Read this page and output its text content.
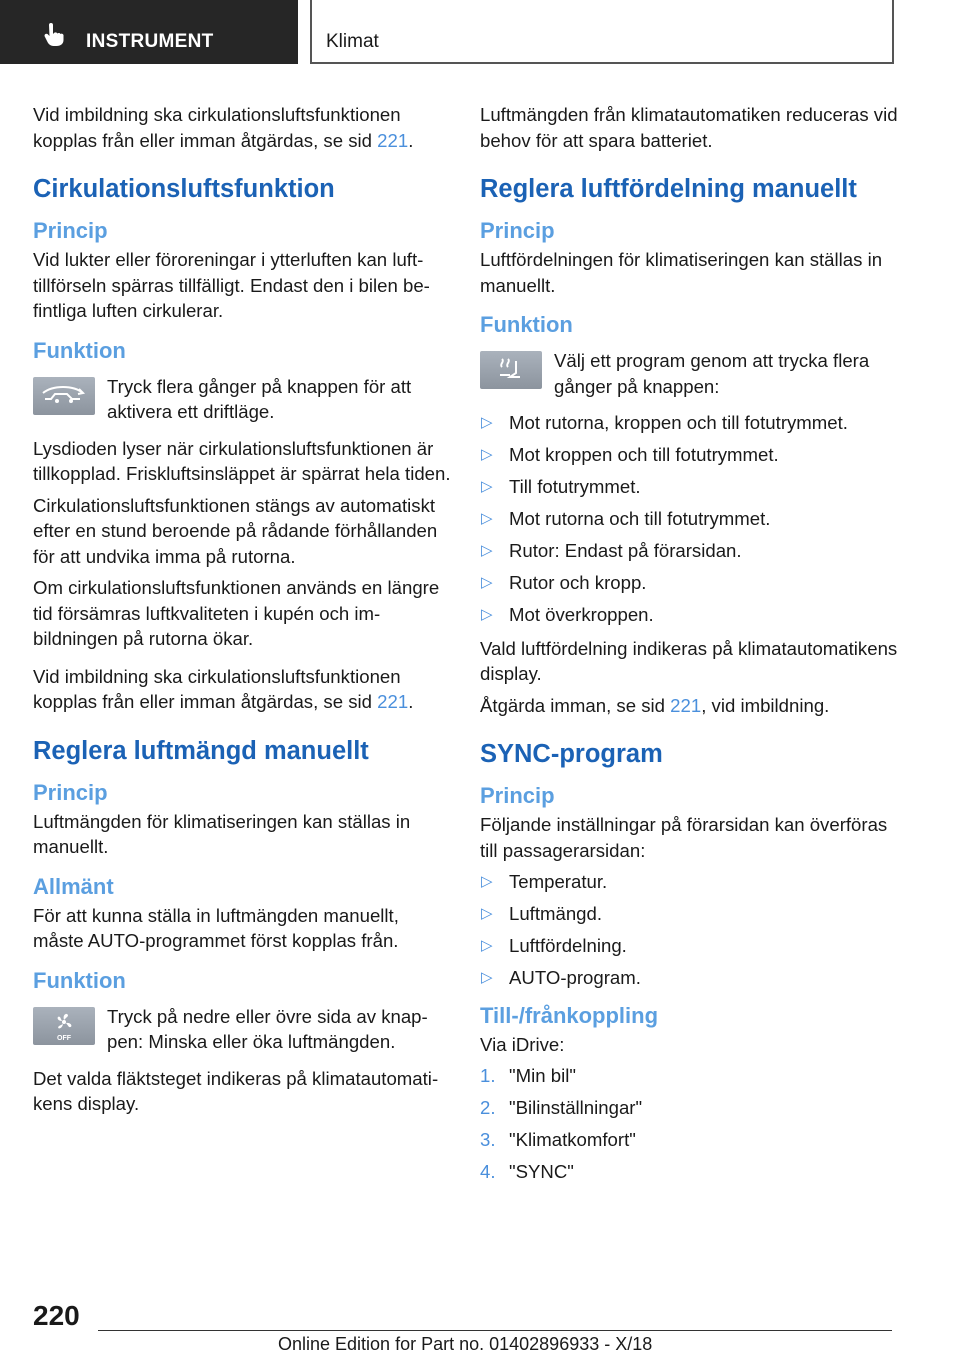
INSTRUMENT	Klimat

Vid imbildning ska cirkulationsluftsfunktionen
kopplas från eller imman åtgärdas, se sid 221.

Cirkulationsluftsfunktion
Princip

Vid lukter eller föroreningar i ytterluften kan lufttillförseln spärras tillfälligt. Endast den i bilen befintliga luften cirkulerar.

Funktion

Tryck flera gånger på knappen för att aktivera ett driftläge.

Lysdioden lyser när cirkulationsluftsfunktionen är tillkopplad. Friskluftsinsläppet är spärrat hela tiden.

Cirkulationsluftsfunktionen stängs av automatiskt efter en stund beroende på rådande förhållanden för att undvika imma på rutorna.

Om cirkulationsluftsfunktionen används en längre tid försämras luftkvaliteten i kupén och imbildningen på rutorna ökar.

Vid imbildning ska cirkulationsluftsfunktionen kopplas från eller imman åtgärdas, se sid 221.

Reglera luftmängd manuellt
Princip

Luftmängden för klimatiseringen kan ställas in manuellt.

Allmänt

För att kunna ställa in luftmängden manuellt, måste AUTO-programmet först kopplas från.

Funktion
OFF

Tryck på nedre eller övre sida av knappen: Minska eller öka luftmängden.

Det valda fläktsteget indikeras på klimatautomatikens display.

Luftmängden från klimatautomatiken reduceras vid behov för att spara batteriet.

Reglera luftfördelning manuellt
Princip

Luftfördelningen för klimatiseringen kan ställas in manuellt.

Funktion

Välj ett program genom att trycka flera gånger på knappen:

▷ Mot rutorna, kroppen och till fotutrymmet.
▷ Mot kroppen och till fotutrymmet.
▷ Till fotutrymmet.
▷ Mot rutorna och till fotutrymmet.
▷ Rutor: Endast på förarsidan.
▷ Rutor och kropp.
▷ Mot överkroppen.

Vald luftfördelning indikeras på klimatautomatikens display.

Åtgärda imman, se sid 221, vid imbildning.

SYNC-program
Princip

Följande inställningar på förarsidan kan överföras till passagerarsidan:

▷ Temperatur.
▷ Luftmängd.
▷ Luftfördelning.
▷ AUTO-program.
Till-/frånkoppling

Via iDrive:

1. "Min bil"
2. "Bilinställningar"
3. "Klimatkomfort"
4. "SYNC"
220
Online Edition for Part no. 01402896933 - X/18
